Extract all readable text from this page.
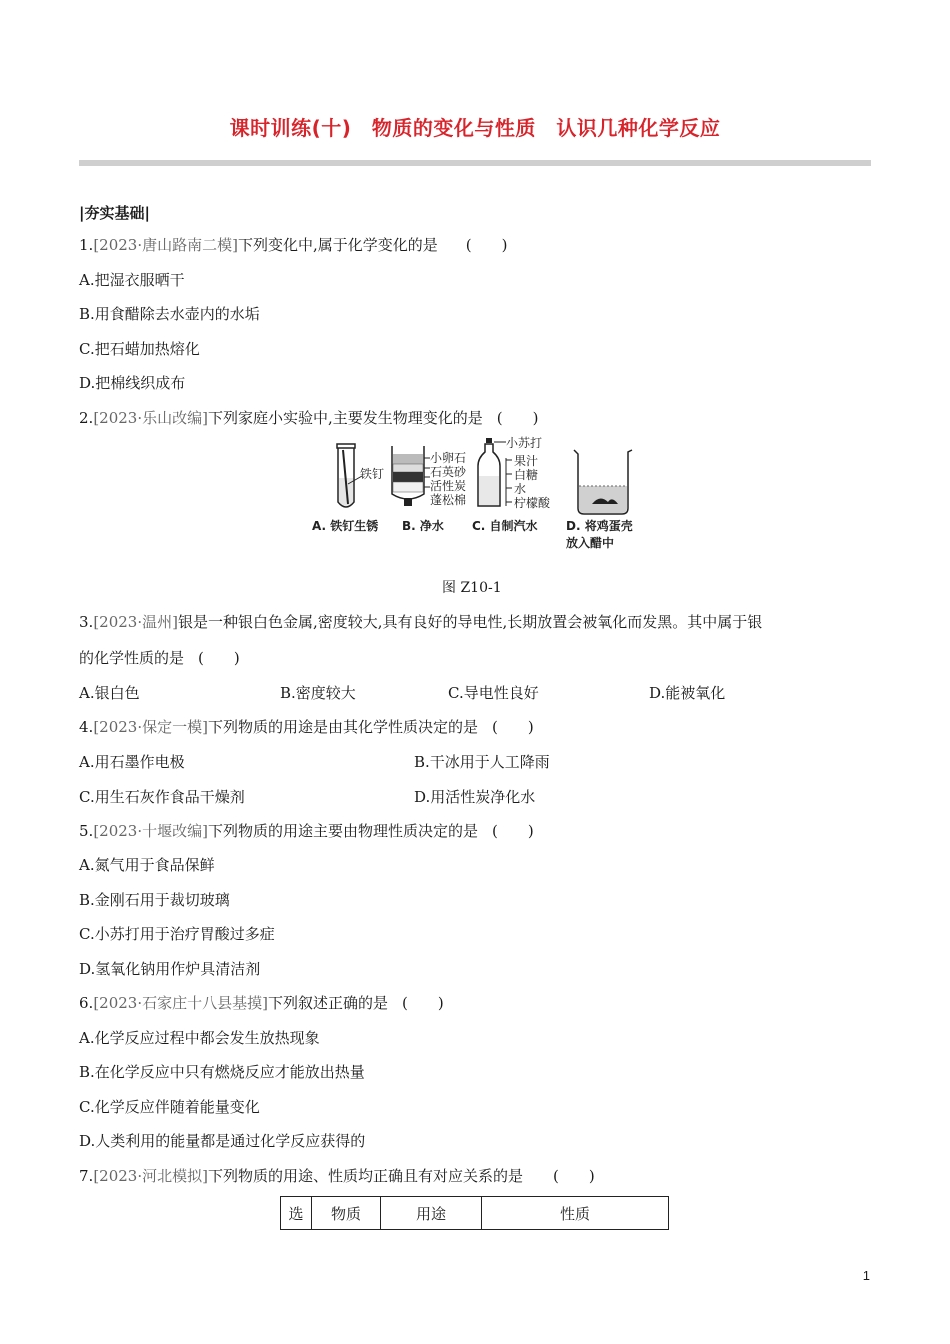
课时训练(十)　物质的变化与性质　认识几种化学反应
|夯实基础|
1.[2023·唐山路南二模]下列变化中,属于化学变化的是 (　　)
A.把湿衣服晒干
B.用食醋除去水壶内的水垢
C.把石蜡加热熔化
D.把棉线织成布
2.[2023·乐山改编]下列家庭小实验中,主要发生物理变化的是 (　　)
铁钉
A. 铁钉生锈
小卵石
石英砂
活性炭
蓬松棉
B. 净水
小苏打
果汁
白糖
水
柠檬酸
C. 自制汽水 D. 将鸡蛋壳
放入醋中
图 Z10-1
3.[2023·温州]银是一种银白色金属,密度较大,具有良好的导电性,长期放置会被氧化而发黑。其中属于银
的化学性质的是 (　　)
A.银白色	B.密度较大	C.导电性良好	D.能被氧化
4.[2023·保定一模]下列物质的用途是由其化学性质决定的是 (　　)
A.用石墨作电极	B.干冰用于人工降雨
C.用生石灰作食品干燥剂	D.用活性炭净化水
5.[2023·十堰改编]下列物质的用途主要由物理性质决定的是 (　　)
A.氮气用于食品保鲜
B.金刚石用于裁切玻璃
C.小苏打用于治疗胃酸过多症
D.氢氧化钠用作炉具清洁剂
6.[2023·石家庄十八县基摸]下列叙述正确的是 (　　)
A.化学反应过程中都会发生放热现象
B.在化学反应中只有燃烧反应才能放出热量
C.化学反应伴随着能量变化
D.人类利用的能量都是通过化学反应获得的
7.[2023·河北模拟]下列物质的用途、性质均正确且有对应关系的是 (　　)
选	物质	用途	性质
1
